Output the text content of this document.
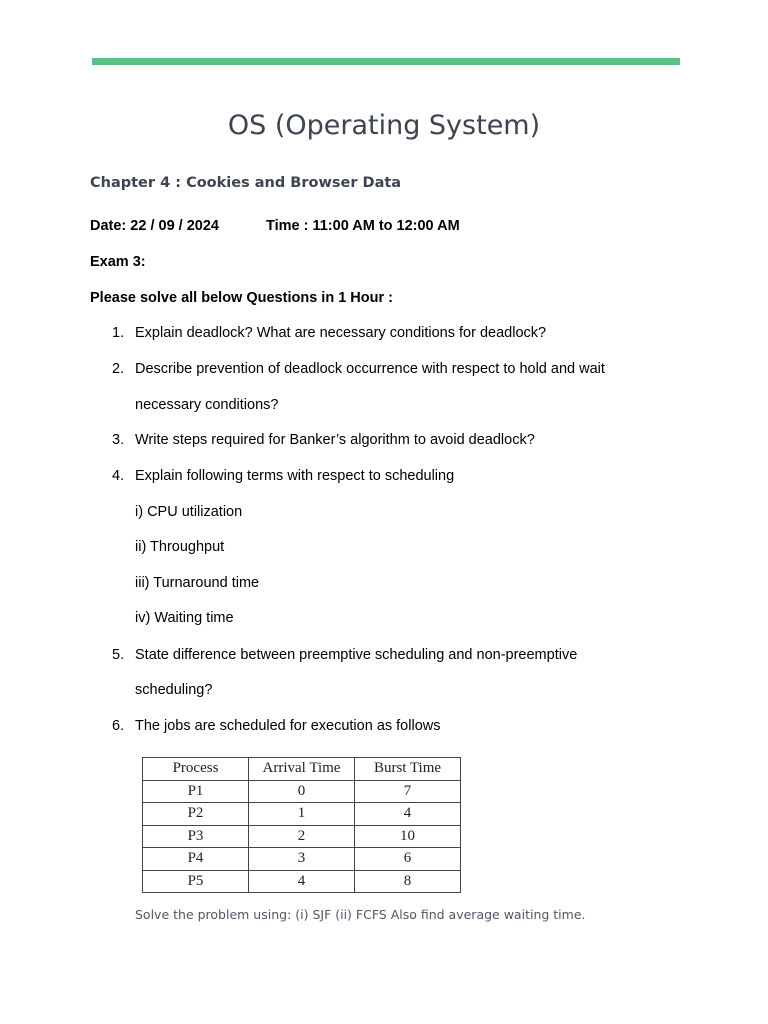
OS (Operating System)
Chapter 4 : Cookies and Browser Data
Date: 22 / 09 / 2024	Time : 11:00 AM to 12:00 AM
Exam 3:
Please solve all below Questions in 1 Hour :
1. Explain deadlock? What are necessary conditions for deadlock?
2. Describe prevention of deadlock occurrence with respect to hold and wait
necessary conditions?
3. Write steps required for Banker’s algorithm to avoid deadlock?
4. Explain following terms with respect to scheduling
i) CPU utilization
ii) Throughput
iii) Turnaround time
iv) Waiting time
5. State difference between preemptive scheduling and non-preemptive
scheduling?
6. The jobs are scheduled for execution as follows
Process	Arrival Time	Burst Time
P1	0	7
P2	1	4
P3	2	10
P4	3	6
P5	4	8
Solve the problem using: (i) SJF (ii) FCFS Also find average waiting time.
